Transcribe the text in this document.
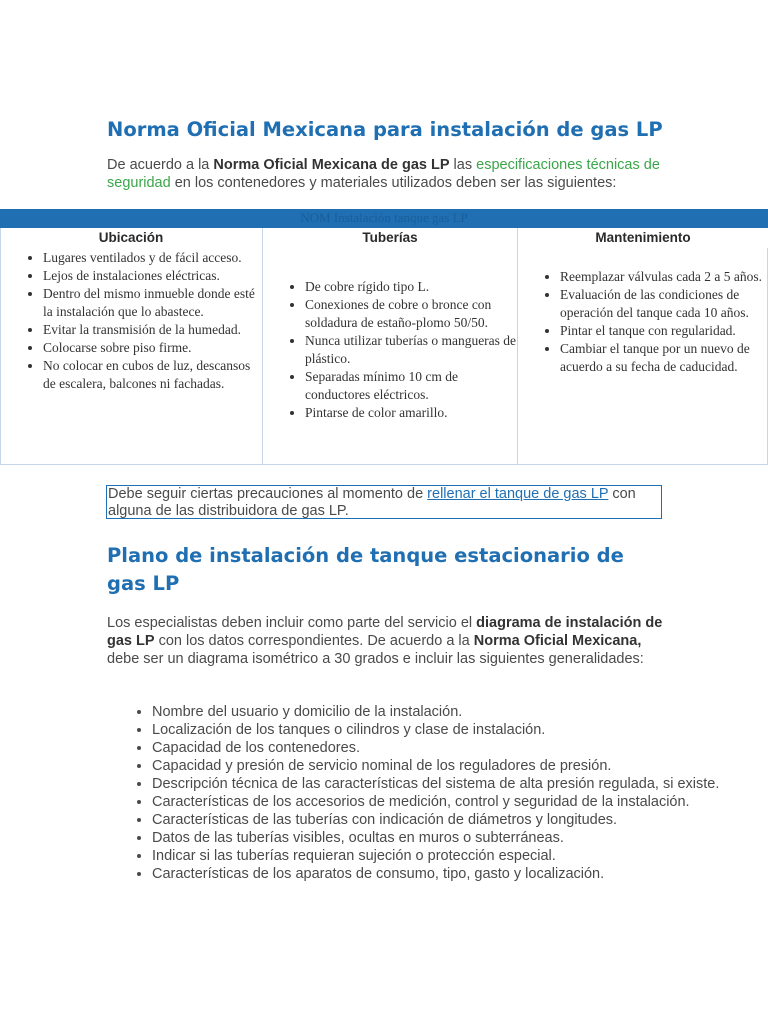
Norma Oficial Mexicana para instalación de gas LP
De acuerdo a la Norma Oficial Mexicana de gas LP las especificaciones técnicas de seguridad en los contenedores y materiales utilizados deben ser las siguientes:
NOM Instalación tanque gas LP
Ubicación	Tuberías	Mantenimiento
• Lugares ventilados y de fácil acceso.
• Lejos de instalaciones eléctricas.
• Dentro del mismo inmueble donde esté la instalación que lo abastece.
• Evitar la transmisión de la humedad.
• Colocarse sobre piso firme.
• No colocar en cubos de luz, descansos de escalera, balcones ni fachadas.
• De cobre rígido tipo L.
• Conexiones de cobre o bronce con soldadura de estaño-plomo 50/50.
• Nunca utilizar tuberías o mangueras de plástico.
• Separadas mínimo 10 cm de conductores eléctricos.
• Pintarse de color amarillo.
• Reemplazar válvulas cada 2 a 5 años.
• Evaluación de las condiciones de operación del tanque cada 10 años.
• Pintar el tanque con regularidad.
• Cambiar el tanque por un nuevo de acuerdo a su fecha de caducidad.
Debe seguir ciertas precauciones al momento de rellenar el tanque de gas LP con alguna de las distribuidora de gas LP.
Plano de instalación de tanque estacionario de gas LP
Los especialistas deben incluir como parte del servicio el diagrama de instalación de gas LP con los datos correspondientes. De acuerdo a la Norma Oficial Mexicana, debe ser un diagrama isométrico a 30 grados e incluir las siguientes generalidades:
• Nombre del usuario y domicilio de la instalación.
• Localización de los tanques o cilindros y clase de instalación.
• Capacidad de los contenedores.
• Capacidad y presión de servicio nominal de los reguladores de presión.
• Descripción técnica de las características del sistema de alta presión regulada, si existe.
• Características de los accesorios de medición, control y seguridad de la instalación.
• Características de las tuberías con indicación de diámetros y longitudes.
• Datos de las tuberías visibles, ocultas en muros o subterráneas.
• Indicar si las tuberías requieran sujeción o protección especial.
• Características de los aparatos de consumo, tipo, gasto y localización.
